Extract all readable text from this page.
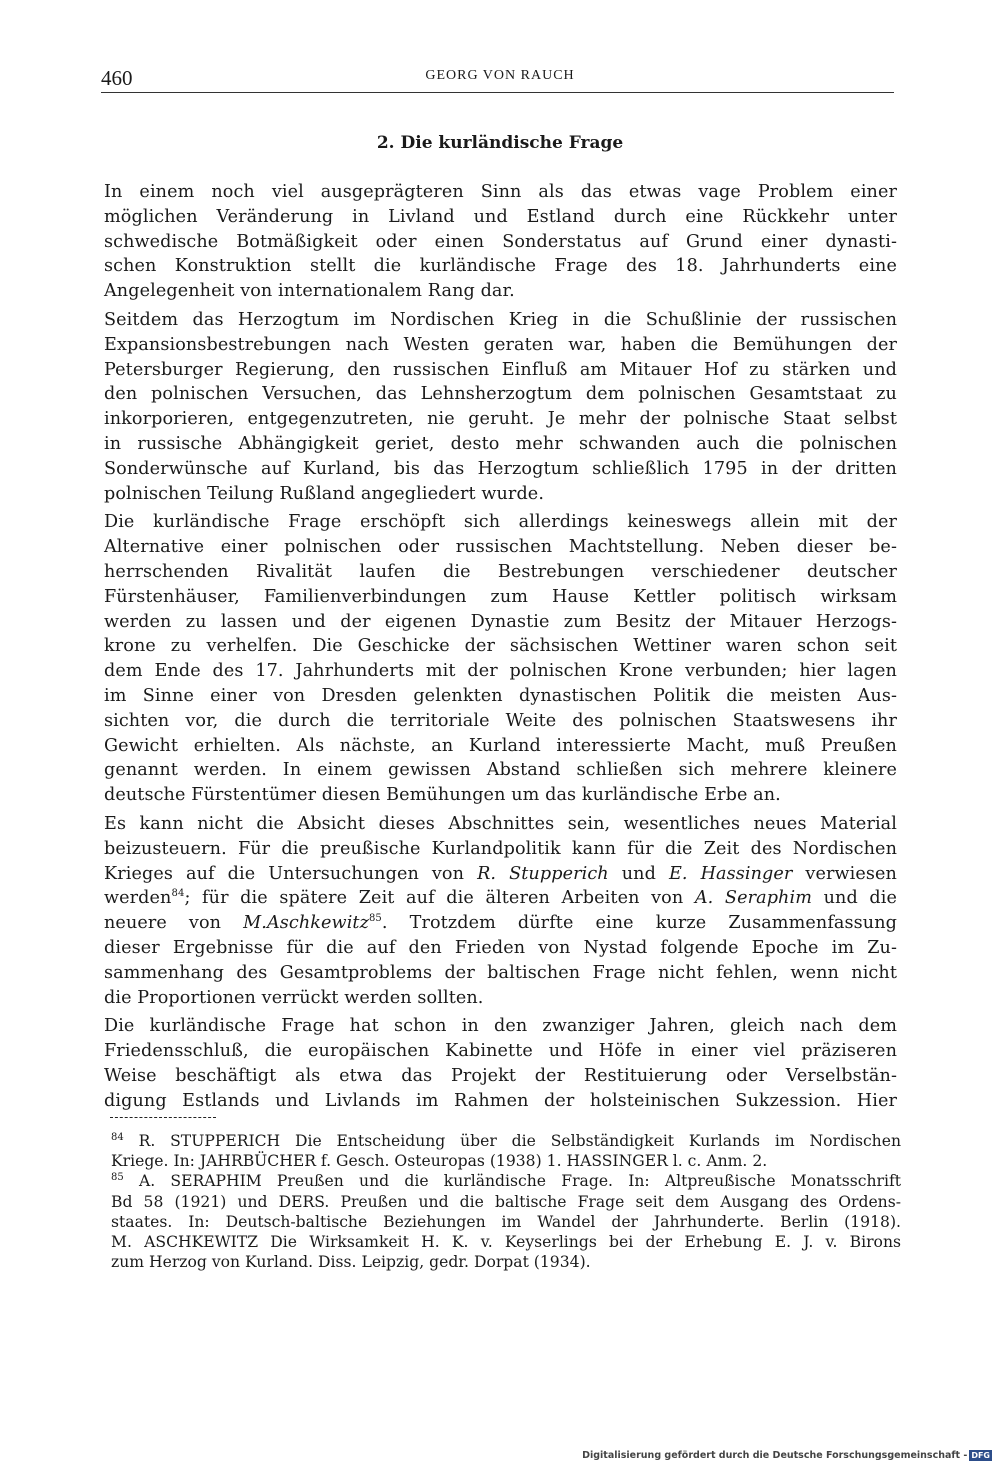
460	GEORG VON RAUCH
2. Die kurländische Frage
In einem noch viel ausgeprägteren Sinn als das etwas vage Problem einer
möglichen Veränderung in Livland und Estland durch eine Rückkehr unter
schwedische Botmäßigkeit oder einen Sonderstatus auf Grund einer dynasti-
schen Konstruktion stellt die kurländische Frage des 18. Jahrhunderts eine
Angelegenheit von internationalem Rang dar.
Seitdem das Herzogtum im Nordischen Krieg in die Schußlinie der russischen
Expansionsbestrebungen nach Westen geraten war, haben die Bemühungen der
Petersburger Regierung, den russischen Einfluß am Mitauer Hof zu stärken und
den polnischen Versuchen, das Lehnsherzogtum dem polnischen Gesamtstaat zu
inkorporieren, entgegenzutreten, nie geruht. Je mehr der polnische Staat selbst
in russische Abhängigkeit geriet, desto mehr schwanden auch die polnischen
Sonderwünsche auf Kurland, bis das Herzogtum schließlich 1795 in der dritten
polnischen Teilung Rußland angegliedert wurde.
Die kurländische Frage erschöpft sich allerdings keineswegs allein mit der
Alternative einer polnischen oder russischen Machtstellung. Neben dieser be-
herrschenden Rivalität laufen die Bestrebungen verschiedener deutscher
Fürstenhäuser, Familienverbindungen zum Hause Kettler politisch wirksam
werden zu lassen und der eigenen Dynastie zum Besitz der Mitauer Herzogs-
krone zu verhelfen. Die Geschicke der sächsischen Wettiner waren schon seit
dem Ende des 17. Jahrhunderts mit der polnischen Krone verbunden; hier lagen
im Sinne einer von Dresden gelenkten dynastischen Politik die meisten Aus-
sichten vor, die durch die territoriale Weite des polnischen Staatswesens ihr
Gewicht erhielten. Als nächste, an Kurland interessierte Macht, muß Preußen
genannt werden. In einem gewissen Abstand schließen sich mehrere kleinere
deutsche Fürstentümer diesen Bemühungen um das kurländische Erbe an.
Es kann nicht die Absicht dieses Abschnittes sein, wesentliches neues Material
beizusteuern. Für die preußische Kurlandpolitik kann für die Zeit des Nordischen
Krieges auf die Untersuchungen von R. Stupperich und E. Hassinger verwiesen
werden$^{84}$; für die spätere Zeit auf die älteren Arbeiten von A. Seraphim und die
neuere von M.Aschkewitz$^{85}$. Trotzdem dürfte eine kurze Zusammenfassung
dieser Ergebnisse für die auf den Frieden von Nystad folgende Epoche im Zu-
sammenhang des Gesamtproblems der baltischen Frage nicht fehlen, wenn nicht
die Proportionen verrückt werden sollten.
Die kurländische Frage hat schon in den zwanziger Jahren, gleich nach dem
Friedensschluß, die europäischen Kabinette und Höfe in einer viel präziseren
Weise beschäftigt als etwa das Projekt der Restituierung oder Verselbstän-
digung Estlands und Livlands im Rahmen der holsteinischen Sukzession. Hier
$^{84}$ R. STUPPERICH Die Entscheidung über die Selbständigkeit Kurlands im Nordischen
Kriege. In: JAHRBÜCHER f. Gesch. Osteuropas (1938) 1. HASSINGER l. c. Anm. 2.
$^{85}$ A. SERAPHIM Preußen und die kurländische Frage. In: Altpreußische Monatsschrift
Bd 58 (1921) und DERS. Preußen und die baltische Frage seit dem Ausgang des Ordens-
staates. In: Deutsch-baltische Beziehungen im Wandel der Jahrhunderte. Berlin (1918).
M. ASCHKEWITZ Die Wirksamkeit H. K. v. Keyserlings bei der Erhebung E. J. v. Birons
zum Herzog von Kurland. Diss. Leipzig, gedr. Dorpat (1934).
Digitalisierung gefördert durch die Deutsche Forschungsgemeinschaft - DFG
